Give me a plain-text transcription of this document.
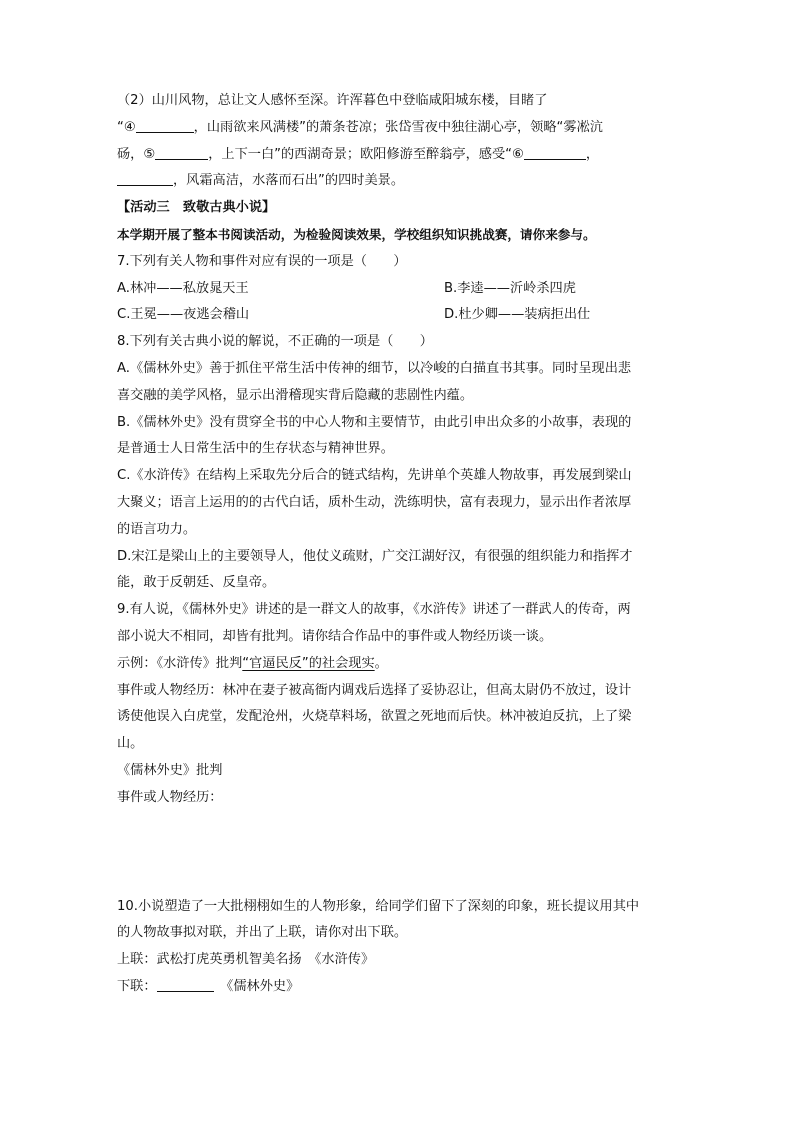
（2）山川风物，总让文人感怀至深。许浑暮色中登临咸阳城东楼，目睹了
“④	，山雨欲来风满楼”的萧条苍凉；张岱雪夜中独往湖心亭，领略“雾凇沆
砀，⑤	，上下一白”的西湖奇景；欧阳修游至醉翁亭，感受“⑥	，
，风霜高洁，水落而石出”的四时美景。
【活动三　致敬古典小说】
本学期开展了整本书阅读活动，为检验阅读效果，学校组织知识挑战赛，请你来参与。
7.下列有关人物和事件对应有误的一项是（　　）
A.林冲——私放晁天王	B.李逵——沂岭杀四虎
C.王冕——夜逃会稽山	D.杜少卿——装病拒出仕
8.下列有关古典小说的解说，不正确的一项是（　　）
A.《儒林外史》善于抓住平常生活中传神的细节，以冷峻的白描直书其事。同时呈现出悲
喜交融的美学风格，显示出滑稽现实背后隐藏的悲剧性内蕴。
B.《儒林外史》没有贯穿全书的中心人物和主要情节，由此引申出众多的小故事，表现的
是普通士人日常生活中的生存状态与精神世界。
C.《水浒传》在结构上采取先分后合的链式结构，先讲单个英雄人物故事，再发展到梁山
大聚义；语言上运用的的古代白话，质朴生动，洗练明快，富有表现力，显示出作者浓厚
的语言功力。
D.宋江是梁山上的主要领导人，他仗义疏财，广交江湖好汉，有很强的组织能力和指挥才
能，敢于反朝廷、反皇帝。
9.有人说，《儒林外史》讲述的是一群文人的故事，《水浒传》讲述了一群武人的传奇，两
部小说大不相同，却皆有批判。请你结合作品中的事件或人物经历谈一谈。
示例：《水浒传》批判“官逼民反”的社会现实。
事件或人物经历：林冲在妻子被高衙内调戏后选择了妥协忍让，但高太尉仍不放过，设计
诱使他误入白虎堂，发配沧州，火烧草料场，欲置之死地而后快。林冲被迫反抗，上了梁
山。
《儒林外史》批判
事件或人物经历：
10.小说塑造了一大批栩栩如生的人物形象，给同学们留下了深刻的印象，班长提议用其中
的人物故事拟对联，并出了上联，请你对出下联。
上联：武松打虎英勇机智美名扬　《水浒传》
下联：	　《儒林外史》
